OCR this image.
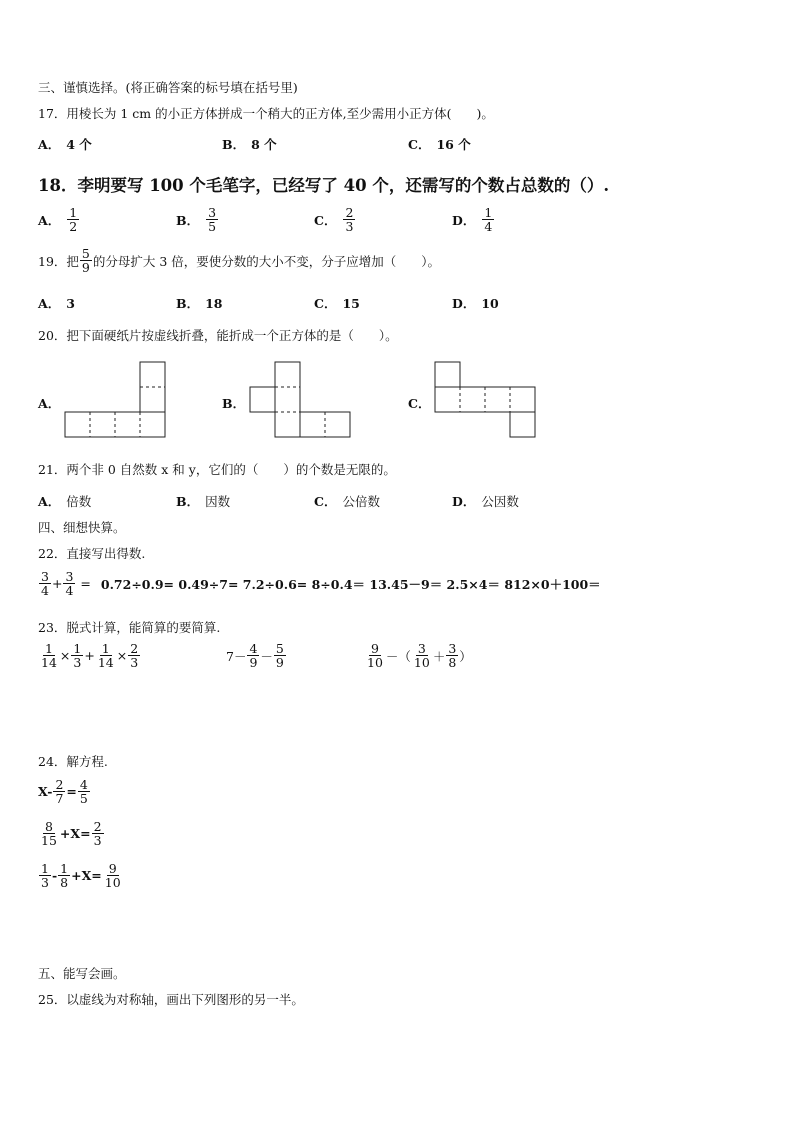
三、谨慎选择。(将正确答案的标号填在括号里)
17．用棱长为 1 cm 的小正方体拼成一个稍大的正方体,至少需用小正方体(　　)。
A． 4 个	B． 8 个	C． 16 个
18．李明要写 100 个毛笔字，已经写了 40 个，还需写的个数占总数的（）.
A． $\frac{1}{2}$	B． $\frac{3}{5}$	C． $\frac{2}{3}$	D． $\frac{1}{4}$
19．把 $\frac{5}{9}$ 的分母扩大 3 倍，要使分数的大小不变，分子应增加（　　）。
A． 3	B． 18	C． 15	D． 10
20．把下面硬纸片按虚线折叠，能折成一个正方体的是（　　）。
A．	B．	C．
21．两个非 0 自然数 x 和 y，它们的（　　）的个数是无限的。
A． 倍数	B． 因数	C． 公倍数	D． 公因数
四、细想快算。
22．直接写出得数.
$\frac{3}{4} + \frac{3}{4} = 0.72\div 0.9= 0.49\div 7= 7.2\div 0.6= 8\div 0.4= 13.45-9= 2.5\times 4= 812\times 0+100=$
23．脱式计算，能简算的要简算.
$\frac{1}{14} \times \frac{1}{3} + \frac{1}{14} \times \frac{2}{3}$	$7- \frac{4}{9} - \frac{5}{9}$	$\frac{9}{10}$ －（ $\frac{3}{10} + \frac{3}{8}$ ）
24．解方程.
$X- \frac{2}{7} = \frac{4}{5}$
$\frac{8}{15} +X= \frac{2}{3}$
$\frac{1}{3} - \frac{1}{8} +X= \frac{9}{10}$
五、能写会画。
25．以虚线为对称轴，画出下列图形的另一半。
